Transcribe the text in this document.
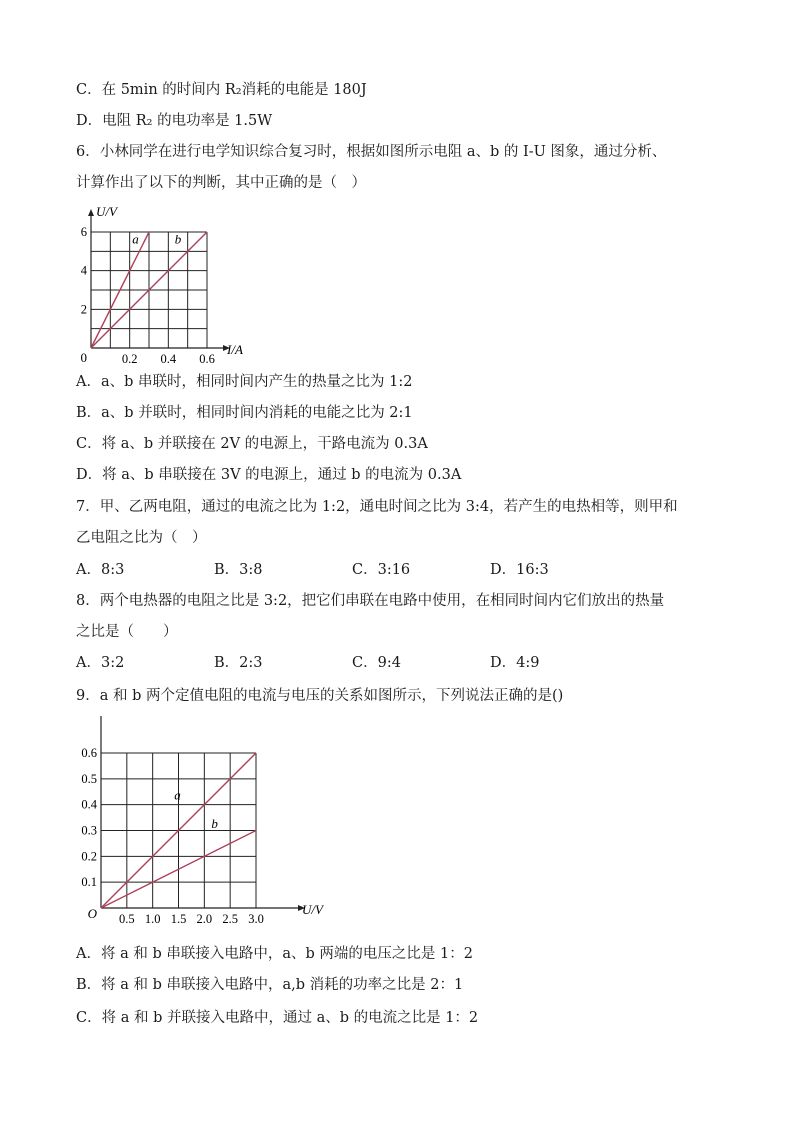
C．在 5min 的时间内 R₂消耗的电能是 180J
D．电阻 R₂ 的电功率是 1.5W
6．小林同学在进行电学知识综合复习时，根据如图所示电阻 a、b 的 I-U 图象，通过分析、
计算作出了以下的判断，其中正确的是（　）
U/V
I/A
0	0.2 0.4 0.6
2
4
6	a	b
A．a、b 串联时，相同时间内产生的热量之比为 1:2
B．a、b 并联时，相同时间内消耗的电能之比为 2:1
C．将 a、b 并联接在 2V 的电源上，干路电流为 0.3A
D．将 a、b 串联接在 3V 的电源上，通过 b 的电流为 0.3A
7．甲、乙两电阻，通过的电流之比为 1:2，通电时间之比为 3:4，若产生的电热相等，则甲和
乙电阻之比为（　）
A．8:3	B．3:8	C．3:16	D．16:3
8．两个电热器的电阻之比是 3:2，把它们串联在电路中使用，在相同时间内它们放出的热量
之比是（　　）
A．3:2	B．2:3	C．9:4	D．4:9
9．a 和 b 两个定值电阻的电流与电压的关系如图所示，下列说法正确的是()
U/V
O 0.5 1.0 1.5 2.0 2.5 3.0
0.1
0.2
0.3
0.4
0.5
0.6
a
b
A．将 a 和 b 串联接入电路中，a、b 两端的电压之比是 1：2
B．将 a 和 b 串联接入电路中，a,b 消耗的功率之比是 2：1
C．将 a 和 b 并联接入电路中，通过 a、b 的电流之比是 1：2
